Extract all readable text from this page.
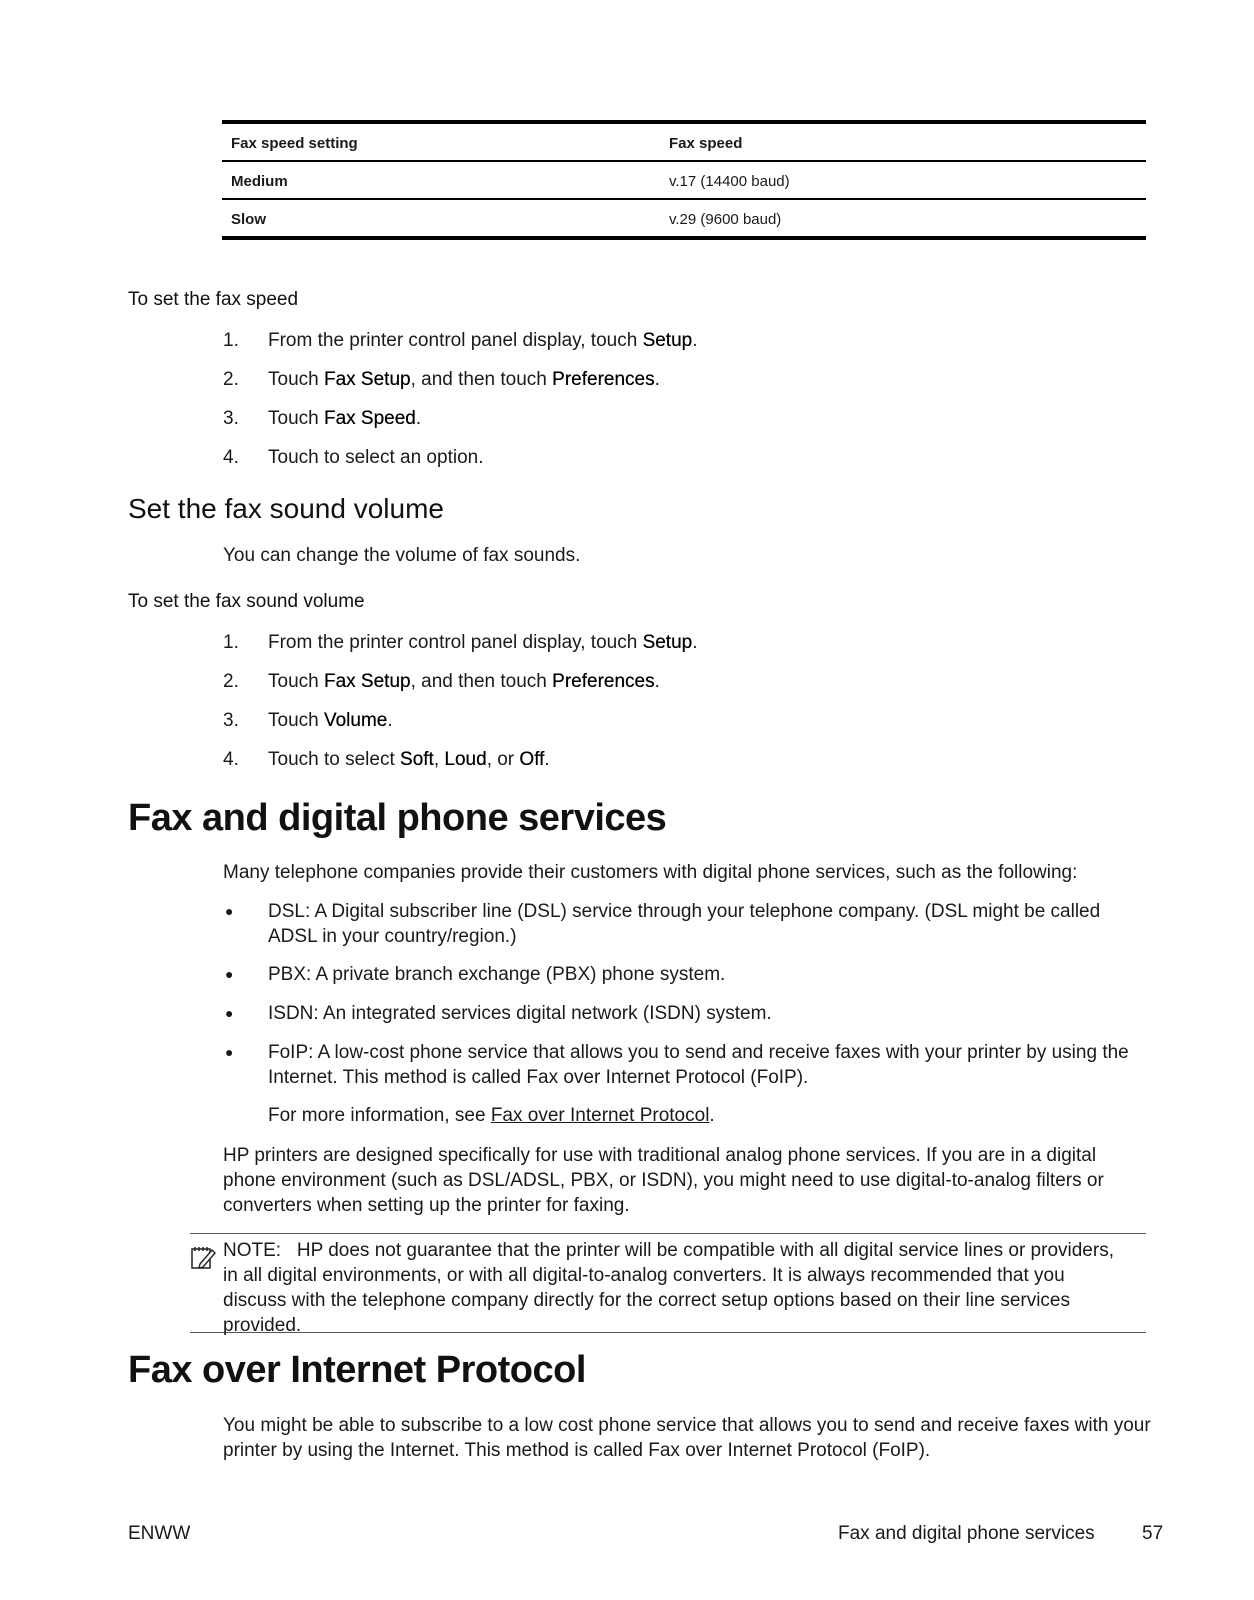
Fax speed setting	Fax speed
Medium	v.17 (14400 baud)
Slow	v.29 (9600 baud)
To set the fax speed
1.	From the printer control panel display, touch Setup.
2.	Touch Fax Setup, and then touch Preferences.
3.	Touch Fax Speed.
4.	Touch to select an option.
Set the fax sound volume
You can change the volume of fax sounds.
To set the fax sound volume
1.	From the printer control panel display, touch Setup.
2.	Touch Fax Setup, and then touch Preferences.
3.	Touch Volume.
4.	Touch to select Soft, Loud, or Off.
Fax and digital phone services
Many telephone companies provide their customers with digital phone services, such as the following:
● DSL: A Digital subscriber line (DSL) service through your telephone company. (DSL might be called ADSL in your country/region.)
● PBX: A private branch exchange (PBX) phone system.
● ISDN: An integrated services digital network (ISDN) system.
● FoIP: A low-cost phone service that allows you to send and receive faxes with your printer by using the Internet. This method is called Fax over Internet Protocol (FoIP).
For more information, see Fax over Internet Protocol.
HP printers are designed specifically for use with traditional analog phone services. If you are in a digital phone environment (such as DSL/ADSL, PBX, or ISDN), you might need to use digital-to-analog filters or converters when setting up the printer for faxing.
NOTE: HP does not guarantee that the printer will be compatible with all digital service lines or providers, in all digital environments, or with all digital-to-analog converters. It is always recommended that you discuss with the telephone company directly for the correct setup options based on their line services provided.
Fax over Internet Protocol
You might be able to subscribe to a low cost phone service that allows you to send and receive faxes with your printer by using the Internet. This method is called Fax over Internet Protocol (FoIP).
ENWW	Fax and digital phone services 57
